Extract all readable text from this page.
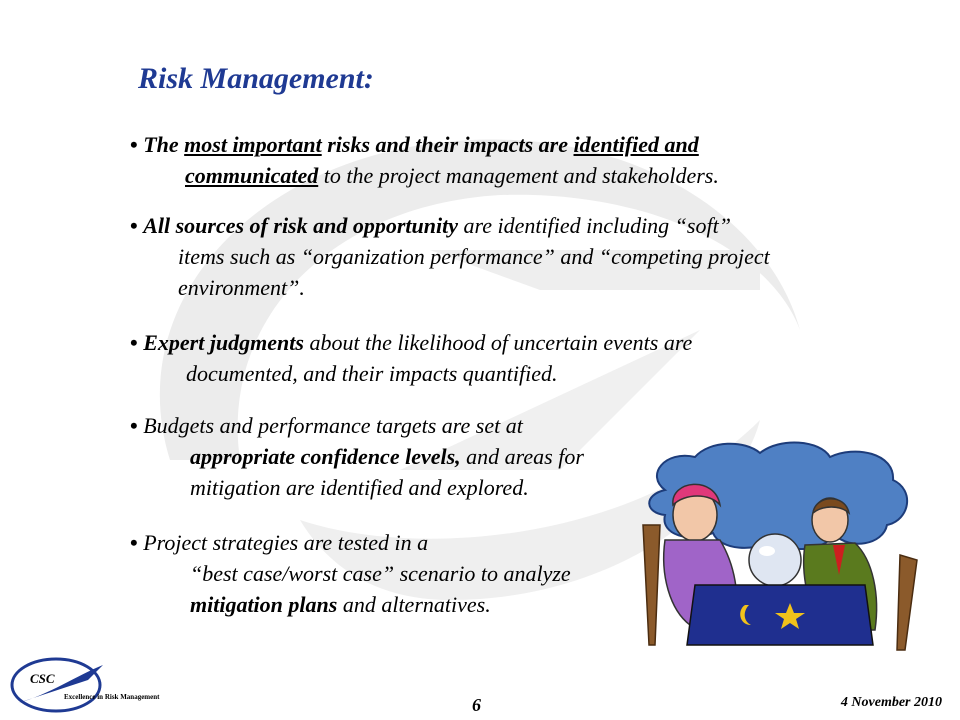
Risk Management:
• The most important risks and their impacts are identified and
communicated to the project management and stakeholders.
• All sources of risk and opportunity are identified including “soft”
items such as “organization performance” and “competing project
environment”.
• Expert judgments about the likelihood of uncertain events are
documented, and their impacts quantified.
• Budgets and performance targets are set at
appropriate confidence levels, and areas for
mitigation are identified and explored.
• Project strategies are tested in a
“best case/worst case” scenario to analyze
mitigation plans and alternatives.
CSC
Excellence in Risk Management	6	4 November 2010
